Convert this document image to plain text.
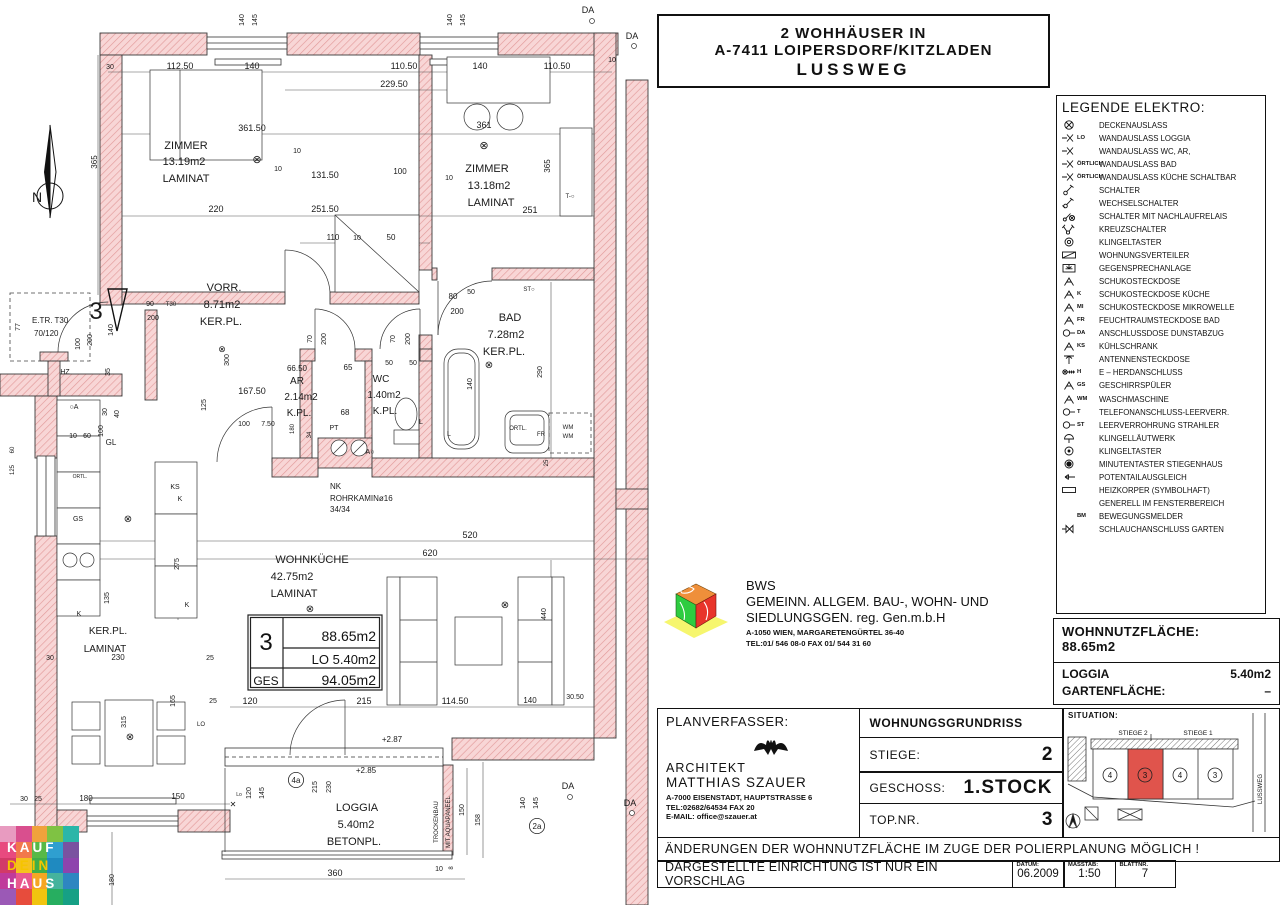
3	88.65m2
LO 5.40m2
GES	94.05m2
DA
DA
140 145	140 145
30	112.50	140	110.50	140	110.50
10
229.50
361.50	361
365	365
ZIMMER
13.19m2
LAMINAT
⊗
10
131.50	100
10
10
220	251.50	251
110 10	50
ZIMMER
13.18m2
LAMINAT
⊗
T-○
VORR.
8.71m2
KER.PL.
90
200
T30
E.TR. T30
70/120
77
3
HZ
100 200
140
35
○A
30 40
10 60 100
60
125
GL
⊗
KS
K
GS
ORTL.
K
K
275
135
300
⊗
125
167.50
66.50	65	50 50
68
100 7.50
AR
2.14m2
K.PL.
WC
1.40m2
K.PL.
70 200	70 200
80
200
50
BAD
7.28m2
KER.PL.
⊗
290
140
ST○
L
L
ORTL.
FR
WM
WM
PT
34
180
NK
ROHRKAMINø16
34/34
A○
25
520
620
WOHNKÜCHE
42.75m2
LAMINAT
⊗	⊗
440
114.50
215
120	140	30.50
KER.PL.
LAMINAT
230
30	25
25
165
LO
315
⊗
4a
215 230
+2.87
+2.85
LOGGIA
5.40m2
BETONPL.	TROCKENBAU MIT AQUAPANEEL 150
158
360	10 8
140 145
2a
DA
DA
120 145
✕
Lo
30 25	180	150
180
N
2 WOHHÄUSER IN
A-7411 LOIPERSDORF/KITZLADEN
LUSSWEG
LEGENDE ELEKTRO:
DECKENAUSLASS
LO WANDAUSLASS LOGGIA
WANDAUSLASS WC, AR,
ÖRTLICH
WANDAUSLASS BAD
ÖRTLICH
WANDAUSLASS KÜCHE SCHALTBAR
SCHALTER
WECHSELSCHALTER
SCHALTER MIT NACHLAUFRELAIS
KREUZSCHALTER
KLINGELTASTER
WOHNUNGSVERTEILER
GEGENSPRECHANLAGE
SCHUKOSTECKDOSE
K SCHUKOSTECKDOSE KÜCHE
MI SCHUKOSTECKDOSE MIKROWELLE
FR FEUCHTRAUMSTECKDOSE BAD
DA ANSCHLUSSDOSE DUNSTABZUG
KS KÜHLSCHRANK
ANTENNENSTECKDOSE
H E – HERDANSCHLUSS
GS GESCHIRRSPÜLER
WM WASCHMASCHINE
T TELEFONANSCHLUSS-LEERVERR.
ST LEERVERROHRUNG STRAHLER
KLINGELLÄUTWERK
KLINGELTASTER
MINUTENTASTER STIEGENHAUS
POTENTAILAUSGLEICH
HEIZKORPER (SYMBOLHAFT)
GENERELL IM FENSTERBEREICH
BM BEWEGUNGSMELDER
SCHLAUCHANSCHLUSS GARTEN
BWS
GEMEINN. ALLGEM. BAU-, WOHN- UND
SIEDLUNGSGEN. reg. Gen.m.b.H
A-1050 WIEN, MARGARETENGÜRTEL 36-40
TEL:01/ 546 08-0 FAX 01/ 544 31 60
WOHNNUTZFLÄCHE:
88.65m2
LOGGIA	5.40m2
GARTENFLÄCHE:	–
PLANVERFASSER:
ARCHITEKT
MATTHIAS SZAUER
A-7000 EISENSTADT, HAUPTSTRASSE 6
TEL:02682/64534 FAX 20
E-MAIL: office@szauer.at
WOHNUNGSGRUNDRISS
STIEGE:	2
GESCHOSS: 1.STOCK
TOP.NR.	3
4	3	4	3
STIEGE 2	STIEGE 1
LUSSWEG
SITUATION:
ÄNDERUNGEN DER WOHNNUTZFLÄCHE IM ZUGE DER POLIERPLANUNG MÖGLICH !
DARGESTELLTE EINRICHTUNG IST NUR EIN VORSCHLAG
DATUM:
06.2009
MASSTAB:
1:50
BLATTNR.
7
KAUF
DEIN
HAUS
